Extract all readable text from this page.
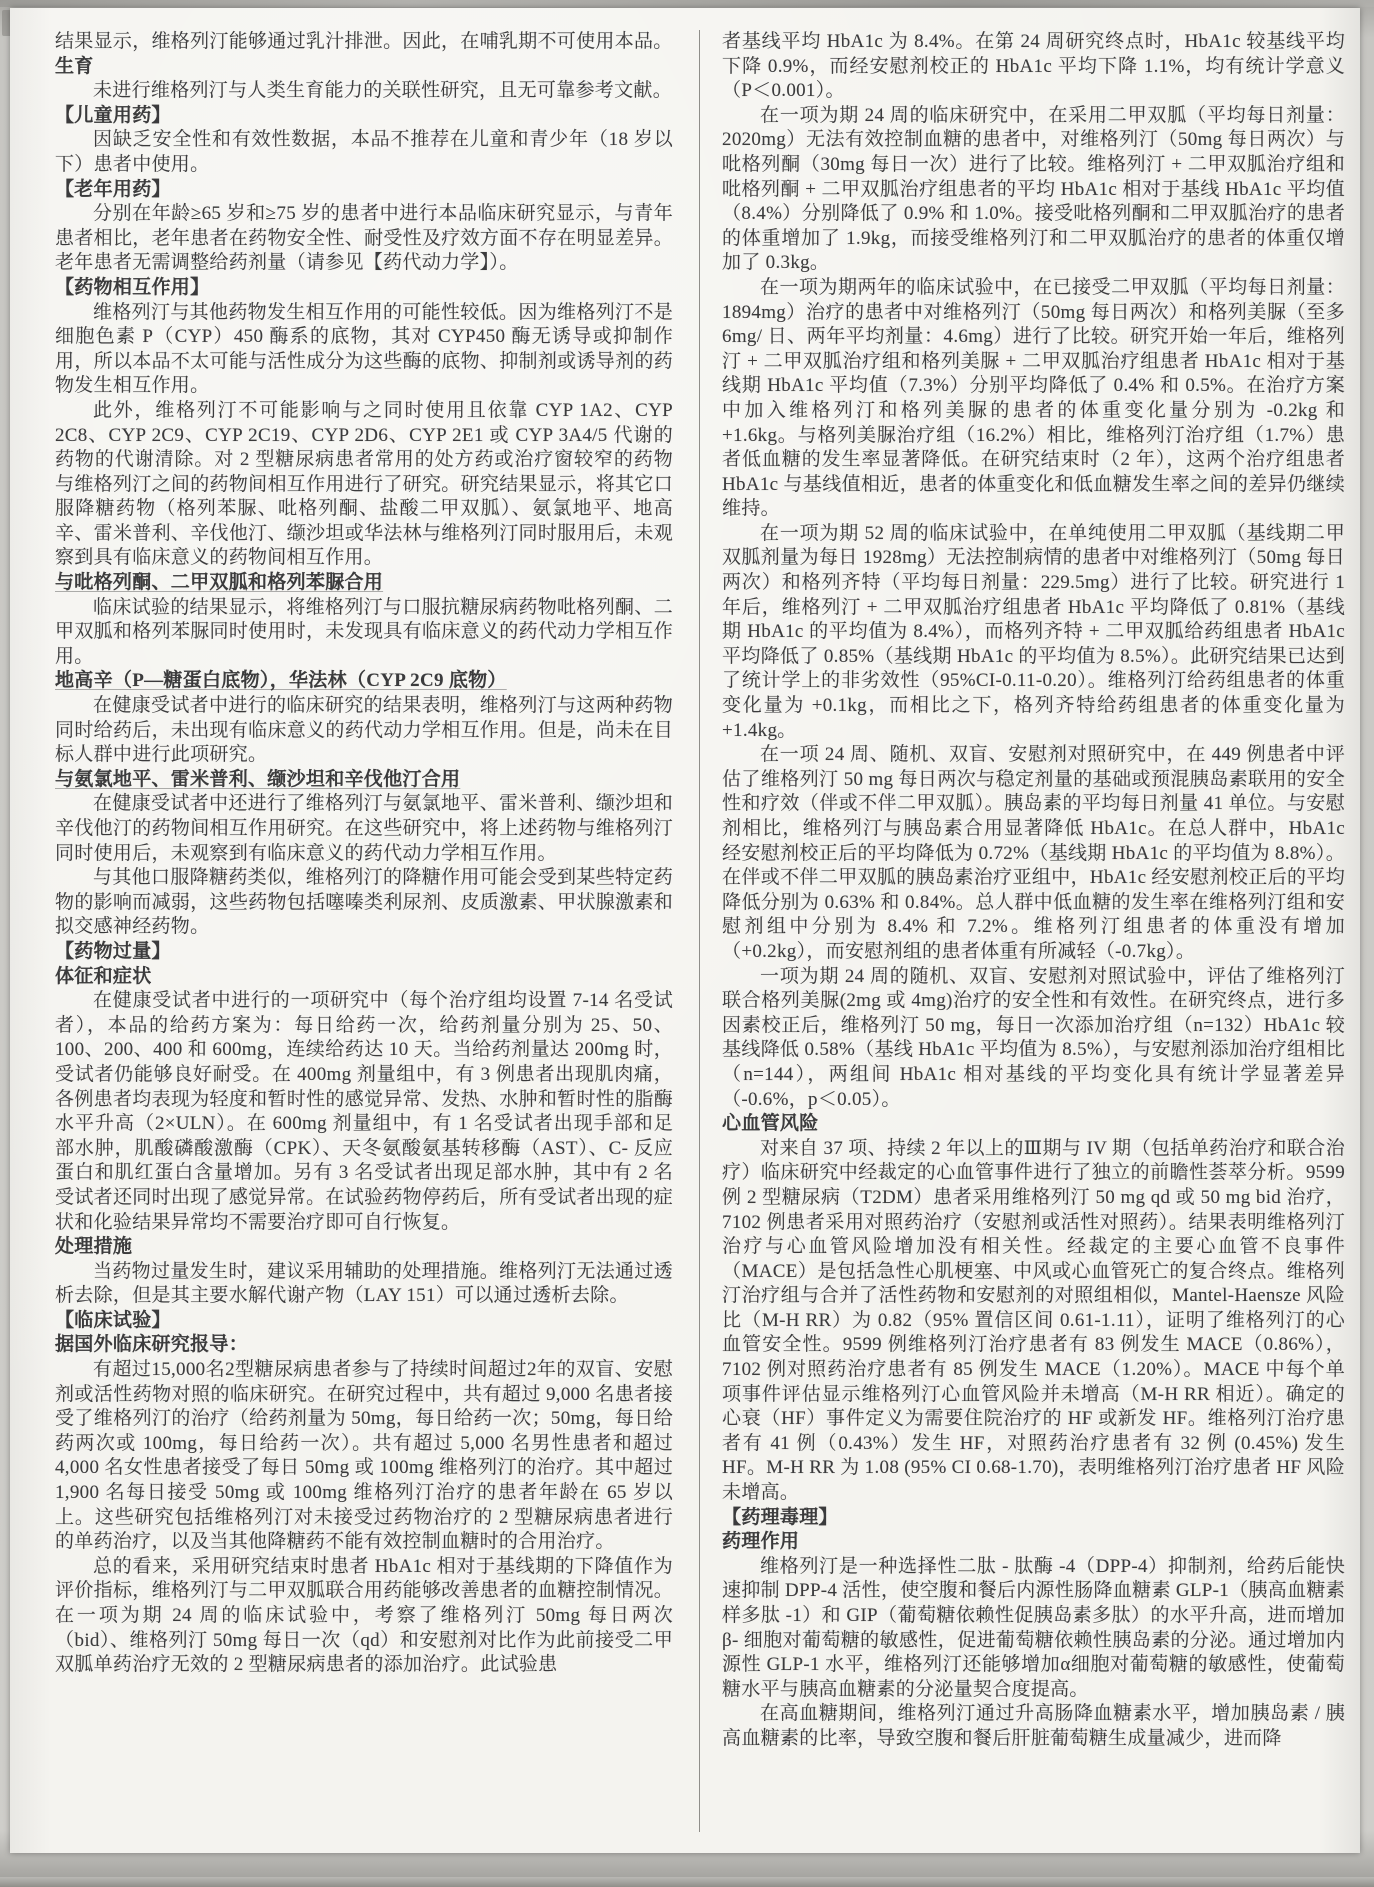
结果显示，维格列汀能够通过乳汁排泄。因此，在哺乳期不可使用本品。
生育
未进行维格列汀与人类生育能力的关联性研究，且无可靠参考文献。
【儿童用药】
因缺乏安全性和有效性数据，本品不推荐在儿童和青少年（18 岁以下）患者中使用。
【老年用药】
分别在年龄≥65 岁和≥75 岁的患者中进行本品临床研究显示，与青年患者相比，老年患者在药物安全性、耐受性及疗效方面不存在明显差异。老年患者无需调整给药剂量（请参见【药代动力学】）。
【药物相互作用】
维格列汀与其他药物发生相互作用的可能性较低。因为维格列汀不是细胞色素 P（CYP）450 酶系的底物，其对 CYP450 酶无诱导或抑制作用，所以本品不太可能与活性成分为这些酶的底物、抑制剂或诱导剂的药物发生相互作用。
此外，维格列汀不可能影响与之同时使用且依靠 CYP 1A2、CYP 2C8、CYP 2C9、CYP 2C19、CYP 2D6、CYP 2E1 或 CYP 3A4/5 代谢的药物的代谢清除。对 2 型糖尿病患者常用的处方药或治疗窗较窄的药物与维格列汀之间的药物间相互作用进行了研究。研究结果显示，将其它口服降糖药物（格列苯脲、吡格列酮、盐酸二甲双胍）、氨氯地平、地高辛、雷米普利、辛伐他汀、缬沙坦或华法林与维格列汀同时服用后，未观察到具有临床意义的药物间相互作用。
与吡格列酮、二甲双胍和格列苯脲合用
临床试验的结果显示，将维格列汀与口服抗糖尿病药物吡格列酮、二甲双胍和格列苯脲同时使用时，未发现具有临床意义的药代动力学相互作用。
地高辛（P—糖蛋白底物），华法林（CYP 2C9 底物）
在健康受试者中进行的临床研究的结果表明，维格列汀与这两种药物同时给药后，未出现有临床意义的药代动力学相互作用。但是，尚未在目标人群中进行此项研究。
与氨氯地平、雷米普利、缬沙坦和辛伐他汀合用
在健康受试者中还进行了维格列汀与氨氯地平、雷米普利、缬沙坦和辛伐他汀的药物间相互作用研究。在这些研究中，将上述药物与维格列汀同时使用后，未观察到有临床意义的药代动力学相互作用。
与其他口服降糖药类似，维格列汀的降糖作用可能会受到某些特定药物的影响而减弱，这些药物包括噻嗪类利尿剂、皮质激素、甲状腺激素和拟交感神经药物。
【药物过量】
体征和症状
在健康受试者中进行的一项研究中（每个治疗组均设置 7-14 名受试者），本品的给药方案为：每日给药一次，给药剂量分别为 25、50、100、200、400 和 600mg，连续给药达 10 天。当给药剂量达 200mg 时，受试者仍能够良好耐受。在 400mg 剂量组中，有 3 例患者出现肌肉痛，各例患者均表现为轻度和暂时性的感觉异常、发热、水肿和暂时性的脂酶水平升高（2×ULN）。在 600mg 剂量组中，有 1 名受试者出现手部和足部水肿，肌酸磷酸激酶（CPK）、天冬氨酸氨基转移酶（AST）、C- 反应蛋白和肌红蛋白含量增加。另有 3 名受试者出现足部水肿，其中有 2 名受试者还同时出现了感觉异常。在试验药物停药后，所有受试者出现的症状和化验结果异常均不需要治疗即可自行恢复。
处理措施
当药物过量发生时，建议采用辅助的处理措施。维格列汀无法通过透析去除，但是其主要水解代谢产物（LAY 151）可以通过透析去除。
【临床试验】
据国外临床研究报导：
有超过15,000名2型糖尿病患者参与了持续时间超过2年的双盲、安慰剂或活性药物对照的临床研究。在研究过程中，共有超过 9,000 名患者接受了维格列汀的治疗（给药剂量为 50mg，每日给药一次；50mg，每日给药两次或 100mg，每日给药一次）。共有超过 5,000 名男性患者和超过 4,000 名女性患者接受了每日 50mg 或 100mg 维格列汀的治疗。其中超过 1,900 名每日接受 50mg 或 100mg 维格列汀治疗的患者年龄在 65 岁以上。这些研究包括维格列汀对未接受过药物治疗的 2 型糖尿病患者进行的单药治疗，以及当其他降糖药不能有效控制血糖时的合用治疗。
总的看来，采用研究结束时患者 HbA1c 相对于基线期的下降值作为评价指标，维格列汀与二甲双胍联合用药能够改善患者的血糖控制情况。在一项为期 24 周的临床试验中，考察了维格列汀 50mg 每日两次（bid）、维格列汀 50mg 每日一次（qd）和安慰剂对比作为此前接受二甲双胍单药治疗无效的 2 型糖尿病患者的添加治疗。此试验患
者基线平均 HbA1c 为 8.4%。在第 24 周研究终点时，HbA1c 较基线平均下降 0.9%，而经安慰剂校正的 HbA1c 平均下降 1.1%，均有统计学意义（P＜0.001）。
在一项为期 24 周的临床研究中，在采用二甲双胍（平均每日剂量：2020mg）无法有效控制血糖的患者中，对维格列汀（50mg 每日两次）与吡格列酮（30mg 每日一次）进行了比较。维格列汀 + 二甲双胍治疗组和吡格列酮 + 二甲双胍治疗组患者的平均 HbA1c 相对于基线 HbA1c 平均值（8.4%）分别降低了 0.9% 和 1.0%。接受吡格列酮和二甲双胍治疗的患者的体重增加了 1.9kg，而接受维格列汀和二甲双胍治疗的患者的体重仅增加了 0.3kg。
在一项为期两年的临床试验中，在已接受二甲双胍（平均每日剂量：1894mg）治疗的患者中对维格列汀（50mg 每日两次）和格列美脲（至多 6mg/ 日、两年平均剂量：4.6mg）进行了比较。研究开始一年后，维格列汀 + 二甲双胍治疗组和格列美脲 + 二甲双胍治疗组患者 HbA1c 相对于基线期 HbA1c 平均值（7.3%）分别平均降低了 0.4% 和 0.5%。在治疗方案中加入维格列汀和格列美脲的患者的体重变化量分别为 -0.2kg 和 +1.6kg。与格列美脲治疗组（16.2%）相比，维格列汀治疗组（1.7%）患者低血糖的发生率显著降低。在研究结束时（2 年），这两个治疗组患者 HbA1c 与基线值相近，患者的体重变化和低血糖发生率之间的差异仍继续维持。
在一项为期 52 周的临床试验中，在单纯使用二甲双胍（基线期二甲双胍剂量为每日 1928mg）无法控制病情的患者中对维格列汀（50mg 每日两次）和格列齐特（平均每日剂量：229.5mg）进行了比较。研究进行 1 年后，维格列汀 + 二甲双胍治疗组患者 HbA1c 平均降低了 0.81%（基线期 HbA1c 的平均值为 8.4%），而格列齐特 + 二甲双胍给药组患者 HbA1c 平均降低了 0.85%（基线期 HbA1c 的平均值为 8.5%）。此研究结果已达到了统计学上的非劣效性（95%CI-0.11-0.20）。维格列汀给药组患者的体重变化量为 +0.1kg，而相比之下，格列齐特给药组患者的体重变化量为 +1.4kg。
在一项 24 周、随机、双盲、安慰剂对照研究中，在 449 例患者中评估了维格列汀 50 mg 每日两次与稳定剂量的基础或预混胰岛素联用的安全性和疗效（伴或不伴二甲双胍）。胰岛素的平均每日剂量 41 单位。与安慰剂相比，维格列汀与胰岛素合用显著降低 HbA1c。在总人群中，HbA1c 经安慰剂校正后的平均降低为 0.72%（基线期 HbA1c 的平均值为 8.8%）。在伴或不伴二甲双胍的胰岛素治疗亚组中，HbA1c 经安慰剂校正后的平均降低分别为 0.63% 和 0.84%。总人群中低血糖的发生率在维格列汀组和安慰剂组中分别为 8.4% 和 7.2%。维格列汀组患者的体重没有增加（+0.2kg），而安慰剂组的患者体重有所减轻（-0.7kg）。
一项为期 24 周的随机、双盲、安慰剂对照试验中，评估了维格列汀联合格列美脲(2mg 或 4mg)治疗的安全性和有效性。在研究终点，进行多因素校正后，维格列汀 50 mg，每日一次添加治疗组（n=132）HbA1c 较基线降低 0.58%（基线 HbA1c 平均值为 8.5%），与安慰剂添加治疗组相比（n=144），两组间 HbA1c 相对基线的平均变化具有统计学显著差异（-0.6%，p＜0.05）。
心血管风险
对来自 37 项、持续 2 年以上的Ⅲ期与 IV 期（包括单药治疗和联合治疗）临床研究中经裁定的心血管事件进行了独立的前瞻性荟萃分析。9599 例 2 型糖尿病（T2DM）患者采用维格列汀 50 mg qd 或 50 mg bid 治疗，7102 例患者采用对照药治疗（安慰剂或活性对照药）。结果表明维格列汀治疗与心血管风险增加没有相关性。经裁定的主要心血管不良事件（MACE）是包括急性心肌梗塞、中风或心血管死亡的复合终点。维格列汀治疗组与合并了活性药物和安慰剂的对照组相似，Mantel-Haensze 风险比（M-H RR）为 0.82（95% 置信区间 0.61-1.11），证明了维格列汀的心血管安全性。9599 例维格列汀治疗患者有 83 例发生 MACE（0.86%），7102 例对照药治疗患者有 85 例发生 MACE（1.20%）。MACE 中每个单项事件评估显示维格列汀心血管风险并未增高（M-H RR 相近）。确定的心衰（HF）事件定义为需要住院治疗的 HF 或新发 HF。维格列汀治疗患者有 41 例（0.43%）发生 HF，对照药治疗患者有 32 例 (0.45%) 发生 HF。M-H RR 为 1.08 (95% CI 0.68-1.70)，表明维格列汀治疗患者 HF 风险未增高。
【药理毒理】
药理作用
维格列汀是一种选择性二肽 - 肽酶 -4（DPP-4）抑制剂，给药后能快速抑制 DPP-4 活性，使空腹和餐后内源性肠降血糖素 GLP-1（胰高血糖素样多肽 -1）和 GIP（葡萄糖依赖性促胰岛素多肽）的水平升高，进而增加β- 细胞对葡萄糖的敏感性，促进葡萄糖依赖性胰岛素的分泌。通过增加内源性 GLP-1 水平，维格列汀还能够增加α细胞对葡萄糖的敏感性，使葡萄糖水平与胰高血糖素的分泌量契合度提高。
在高血糖期间，维格列汀通过升高肠降血糖素水平，增加胰岛素 / 胰高血糖素的比率，导致空腹和餐后肝脏葡萄糖生成量减少，进而降
